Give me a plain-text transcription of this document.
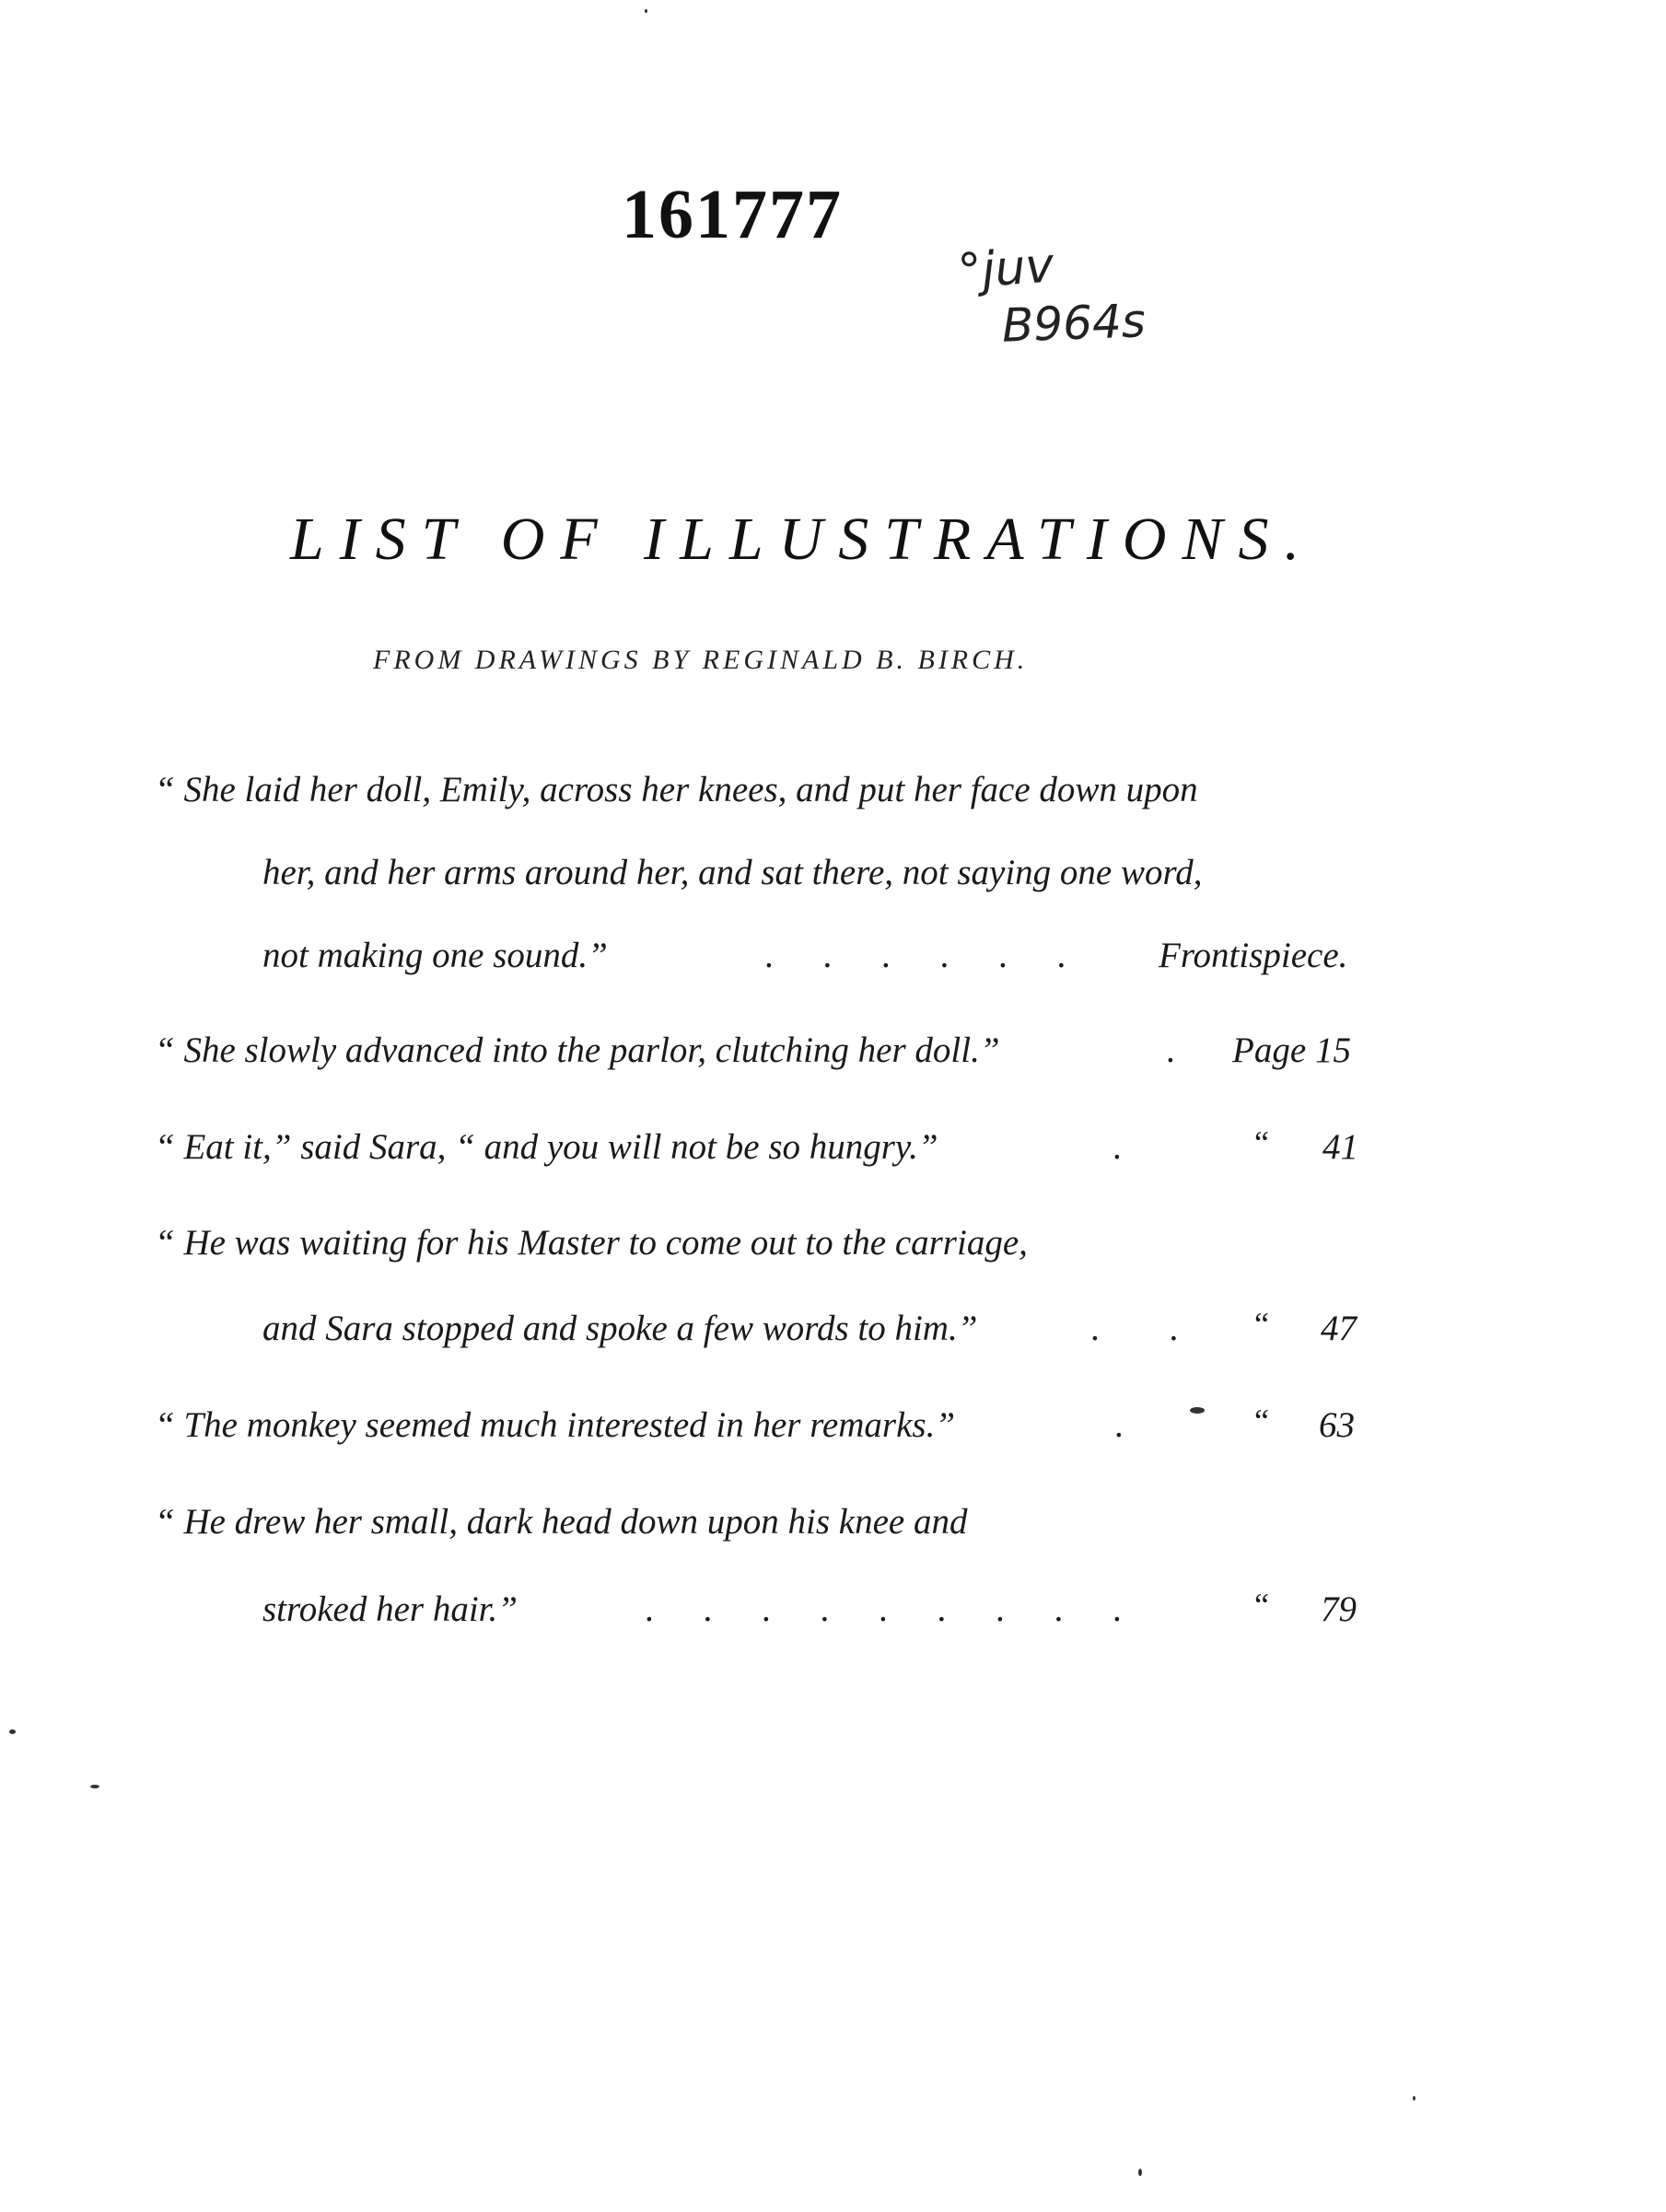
161777
°juv
B964s
LIST OF ILLUSTRATIONS.
FROM DRAWINGS BY REGINALD B. BIRCH.
“ She laid her doll, Emily, across her knees, and put her face down upon
her, and her arms around her, and sat there, not saying one word,
not making one sound.”	. . . . . .	Frontispiece.
“ She slowly advanced into the parlor, clutching her doll.”	. Page 15
“ Eat it,” said Sara, “ and you will not be so hungry.”	.	“ 41
“ He was waiting for his Master to come out to the carriage,
and Sara stopped and spoke a few words to him.”	. . “ 47
“ The monkey seemed much interested in her remarks.”	.	“ 63
“ He drew her small, dark head down upon his knee and
stroked her hair.”	. . . . . . . . .	“ 79
